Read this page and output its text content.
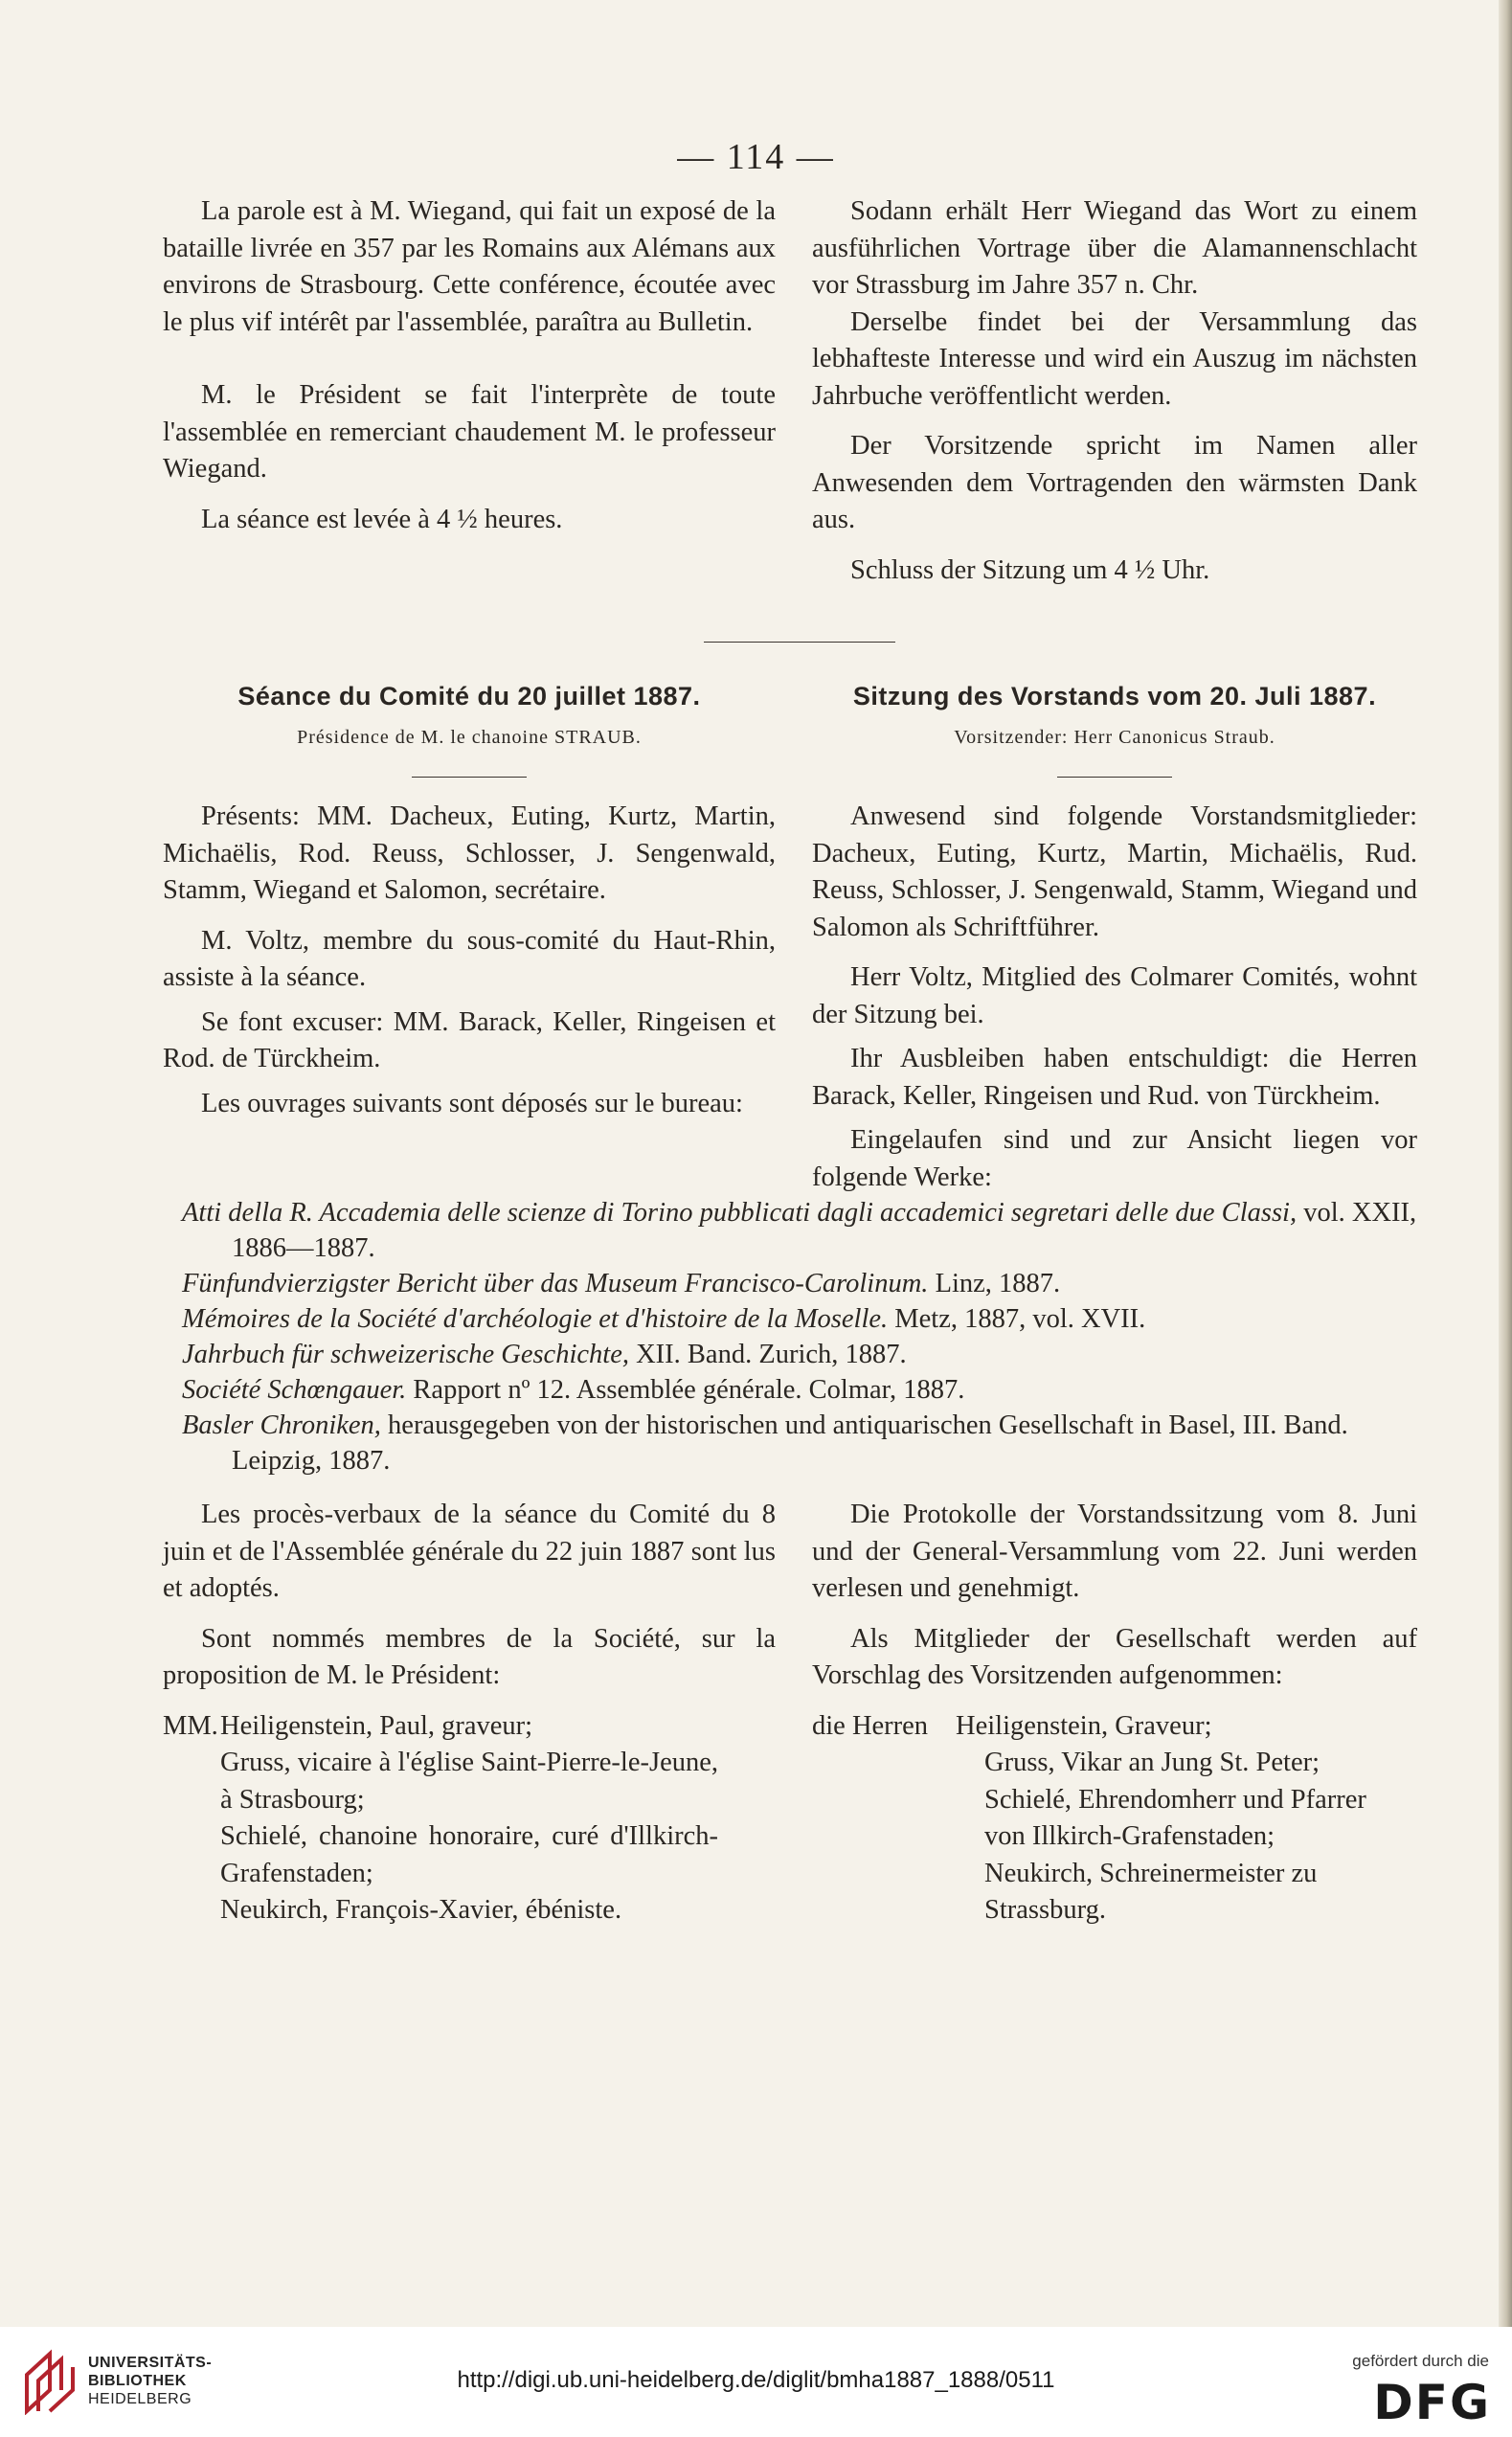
— 114 —

La parole est à M. Wiegand, qui fait un exposé de la bataille livrée en 357 par les Romains aux Alémans aux environs de Strasbourg. Cette conférence, écoutée avec le plus vif intérêt par l'assemblée, paraîtra au Bulletin.

M. le Président se fait l'interprète de toute l'assemblée en remerciant chaudement M. le professeur Wiegand.

La séance est levée à 4 ½ heures.

Sodann erhält Herr Wiegand das Wort zu einem ausführlichen Vortrage über die Alamannenschlacht vor Strassburg im Jahre 357 n. Chr.

Derselbe findet bei der Versammlung das lebhafteste Interesse und wird ein Auszug im nächsten Jahrbuche veröffentlicht werden.

Der Vorsitzende spricht im Namen aller Anwesenden dem Vortragenden den wärmsten Dank aus.

Schluss der Sitzung um 4 ½ Uhr.

Séance du Comité du 20 juillet 1887.

Présidence de M. le chanoine STRAUB.

Présents: MM. Dacheux, Euting, Kurtz, Martin, Michaëlis, Rod. Reuss, Schlosser, J. Sengenwald, Stamm, Wiegand et Salomon, secrétaire.

M. Voltz, membre du sous-comité du Haut-Rhin, assiste à la séance.

Se font excuser: MM. Barack, Keller, Ringeisen et Rod. de Türckheim.

Les ouvrages suivants sont déposés sur le bureau:

Sitzung des Vorstands vom 20. Juli 1887.

Vorsitzender: Herr Canonicus Straub.

Anwesend sind folgende Vorstandsmitglieder: Dacheux, Euting, Kurtz, Martin, Michaëlis, Rud. Reuss, Schlosser, J. Sengenwald, Stamm, Wiegand und Salomon als Schriftführer.

Herr Voltz, Mitglied des Colmarer Comités, wohnt der Sitzung bei.

Ihr Ausbleiben haben entschuldigt: die Herren Barack, Keller, Ringeisen und Rud. von Türckheim.

Eingelaufen sind und zur Ansicht liegen vor folgende Werke:

Atti della R. Accademia delle scienze di Torino pubblicati dagli accademici segretari delle due Classi, vol. XXII, 1886—1887.

Fünfundvierzigster Bericht über das Museum Francisco-Carolinum. Linz, 1887.

Mémoires de la Société d'archéologie et d'histoire de la Moselle. Metz, 1887, vol. XVII.

Jahrbuch für schweizerische Geschichte, XII. Band. Zurich, 1887.

Société Schœngauer. Rapport nº 12. Assemblée générale. Colmar, 1887.

Basler Chroniken, herausgegeben von der historischen und antiquarischen Gesellschaft in Basel, III. Band. Leipzig, 1887.

Les procès-verbaux de la séance du Comité du 8 juin et de l'Assemblée générale du 22 juin 1887 sont lus et adoptés.

Sont nommés membres de la Société, sur la proposition de M. le Président:

MM. Heiligenstein, Paul, graveur;
Gruss, vicaire à l'église Saint-Pierre-le-Jeune, à Strasbourg;
Schielé, chanoine honoraire, curé d'Illkirch-Grafenstaden;
Neukirch, François-Xavier, ébéniste.

Die Protokolle der Vorstandssitzung vom 8. Juni und der General-Versammlung vom 22. Juni werden verlesen und genehmigt.

Als Mitglieder der Gesellschaft werden auf Vorschlag des Vorsitzenden aufgenommen:

die Herren	Heiligenstein, Graveur;
Gruss, Vikar an Jung St. Peter;
Schielé, Ehrendomherr und Pfarrer von Illkirch-Grafenstaden;
Neukirch, Schreinermeister zu Strassburg.
UNIVERSITÄTS-
BIBLIOTHEK
HEIDELBERG
http://digi.ub.uni-heidelberg.de/diglit/bmha1887_1888/0511
gefördert durch die
DFG
